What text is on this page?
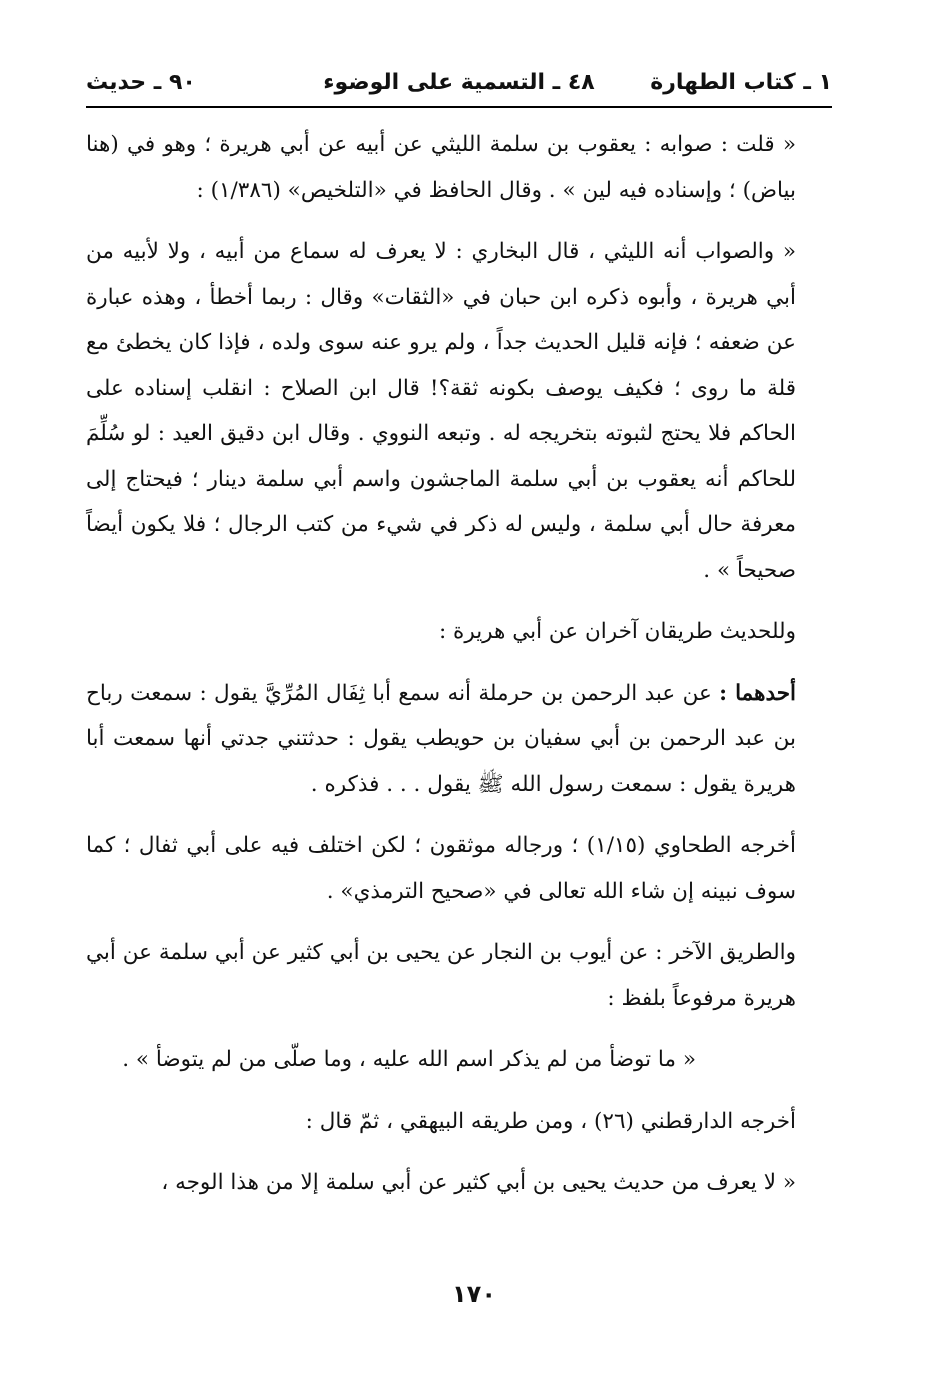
١ ـ كتاب الطهارة
٤٨ ـ التسمية على الوضوء
٩٠ ـ حديث

« قلت : صوابه : يعقوب بن سلمة الليثي عن أبيه عن أبي هريرة ؛ وهو في (هنا بياض) ؛ وإسناده فيه لين » . وقال الحافظ في «التلخيص» (١/٣٨٦) :

« والصواب أنه الليثي ، قال البخاري : لا يعرف له سماع من أبيه ، ولا لأبيه من أبي هريرة ، وأبوه ذكره ابن حبان في «الثقات» وقال : ربما أخطأ ، وهذه عبارة عن ضعفه ؛ فإنه قليل الحديث جداً ، ولم يرو عنه سوى ولده ، فإذا كان يخطئ مع قلة ما روى ؛ فكيف يوصف بكونه ثقة؟! قال ابن الصلاح : انقلب إسناده على الحاكم فلا يحتج لثبوته بتخريجه له . وتبعه النووي . وقال ابن دقيق العيد : لو سُلِّمَ للحاكم أنه يعقوب بن أبي سلمة الماجشون واسم أبي سلمة دينار ؛ فيحتاج إلى معرفة حال أبي سلمة ، وليس له ذكر في شيء من كتب الرجال ؛ فلا يكون أيضاً صحيحاً » .

وللحديث طريقان آخران عن أبي هريرة :

أحدهما : عن عبد الرحمن بن حرملة أنه سمع أبا ثِفَال المُرِّيَّ يقول : سمعت رباح بن عبد الرحمن بن أبي سفيان بن حويطب يقول : حدثتني جدتي أنها سمعت أبا هريرة يقول : سمعت رسول الله ﷺ يقول . . . فذكره .

أخرجه الطحاوي (١/١٥) ؛ ورجاله موثقون ؛ لكن اختلف فيه على أبي ثفال ؛ كما سوف نبينه إن شاء الله تعالى في «صحيح الترمذي» .

والطريق الآخر : عن أيوب بن النجار عن يحيى بن أبي كثير عن أبي سلمة عن أبي هريرة مرفوعاً بلفظ :

« ما توضأ من لم يذكر اسم الله عليه ، وما صلّى من لم يتوضأ » .

أخرجه الدارقطني (٢٦) ، ومن طريقه البيهقي ، ثمّ قال :

« لا يعرف من حديث يحيى بن أبي كثير عن أبي سلمة إلا من هذا الوجه ،

١٧٠
